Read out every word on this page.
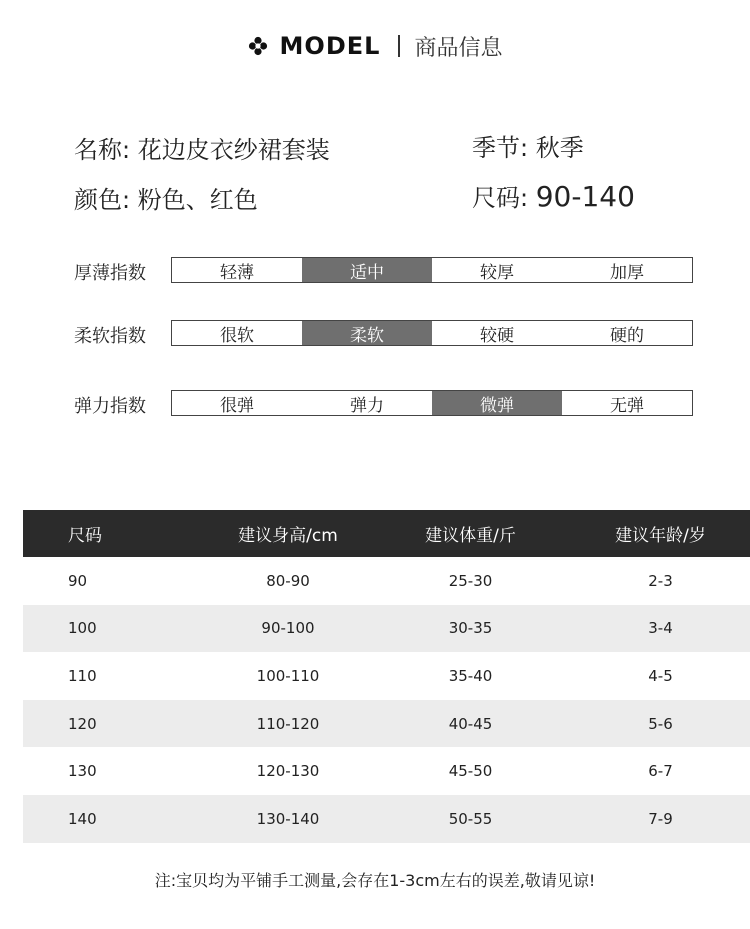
MODEL 商品信息
名称: 花边皮衣纱裙套装	季节: 秋季
颜色: 粉色、红色	尺码: 90-140
厚薄指数	轻薄	适中	较厚	加厚
柔软指数	很软	柔软	较硬	硬的
弹力指数	很弹	弹力	微弹	无弹
尺码	建议身高/cm	建议体重/斤	建议年龄/岁
90	80-90	25-30	2-3
100	90-100	30-35	3-4
110	100-110	35-40	4-5
120	110-120	40-45	5-6
130	120-130	45-50	6-7
140	130-140	50-55	7-9
注:宝贝均为平铺手工测量,会存在1-3cm左右的误差,敬请见谅!
